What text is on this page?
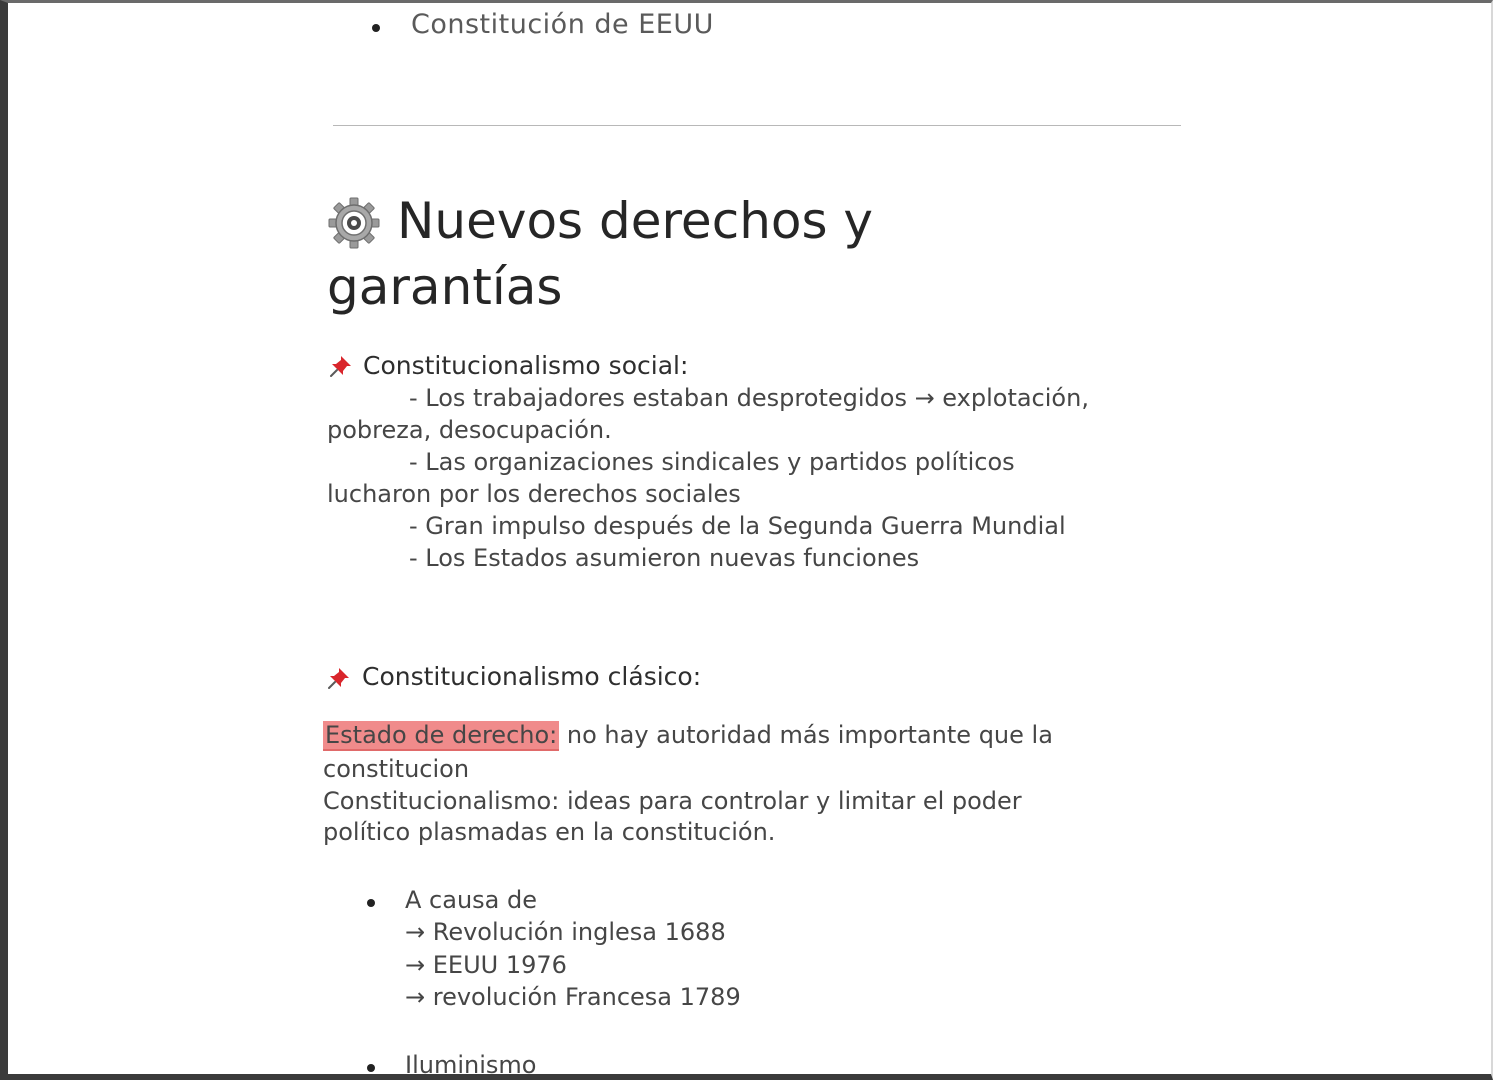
Constitución de EEUU
Nuevos derechos y
garantías
Constitucionalismo social:
- Los trabajadores estaban desprotegidos → explotación,
pobreza, desocupación.
- Las organizaciones sindicales y partidos políticos
lucharon por los derechos sociales
- Gran impulso después de la Segunda Guerra Mundial
- Los Estados asumieron nuevas funciones
Constitucionalismo clásico:
Estado de derecho: no hay autoridad más importante que la
constitucion
Constitucionalismo: ideas para controlar y limitar el poder
político plasmadas en la constitución.
A causa de
→ Revolución inglesa 1688
→ EEUU 1976
→ revolución Francesa 1789
Iluminismo
